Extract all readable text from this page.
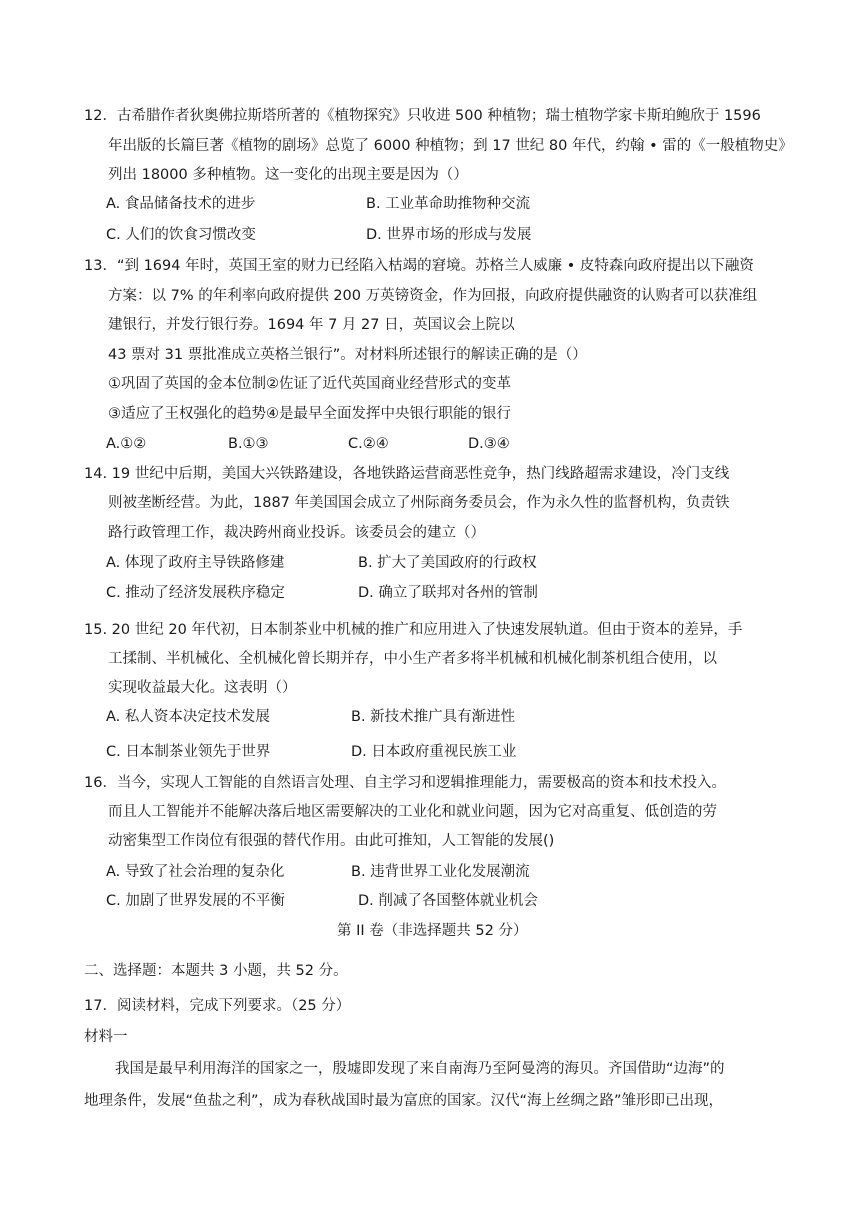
12．古希腊作者狄奥佛拉斯塔所著的《植物探究》只收进 500 种植物；瑞士植物学家卡斯珀鲍欣于 1596
年出版的长篇巨著《植物的剧场》总览了 6000 种植物；到 17 世纪 80 年代，约翰 • 雷的《一般植物史》
列出 18000 多种植物。这一变化的出现主要是因为（）
A. 食品储备技术的进步	B. 工业革命助推物种交流
C. 人们的饮食习惯改变	D. 世界市场的形成与发展
13．“到 1694 年时，英国王室的财力已经陷入枯竭的窘境。苏格兰人威廉 • 皮特森向政府提出以下融资
方案：以 7% 的年利率向政府提供 200 万英镑资金，作为回报，向政府提供融资的认购者可以获准组
建银行，并发行银行券。1694 年 7 月 27 日，英国议会上院以
43 票对 31 票批准成立英格兰银行”。对材料所述银行的解读正确的是（）
①巩固了英国的金本位制②佐证了近代英国商业经营形式的变革
③适应了王权强化的趋势④是最早全面发挥中央银行职能的银行
A.①②	B.①③	C.②④	D.③④
14. 19 世纪中后期，美国大兴铁路建设，各地铁路运营商恶性竞争，热门线路超需求建设，冷门支线
则被垄断经营。为此，1887 年美国国会成立了州际商务委员会，作为永久性的监督机构，负责铁
路行政管理工作，裁决跨州商业投诉。该委员会的建立（）
A. 体现了政府主导铁路修建	B. 扩大了美国政府的行政权
C. 推动了经济发展秩序稳定	D. 确立了联邦对各州的管制
15. 20 世纪 20 年代初，日本制茶业中机械的推广和应用进入了快速发展轨道。但由于资本的差异，手
工揉制、半机械化、全机械化曾长期并存，中小生产者多将半机械和机械化制茶机组合使用，以
实现收益最大化。这表明（）
A. 私人资本决定技术发展	B. 新技术推广具有渐进性
C. 日本制茶业领先于世界	D. 日本政府重视民族工业
16．当今，实现人工智能的自然语言处理、自主学习和逻辑推理能力，需要极高的资本和技术投入。
而且人工智能并不能解决落后地区需要解决的工业化和就业问题，因为它对高重复、低创造的劳
动密集型工作岗位有很强的替代作用。由此可推知，人工智能的发展()
A. 导致了社会治理的复杂化	B. 违背世界工业化发展潮流
C. 加剧了世界发展的不平衡	D. 削减了各国整体就业机会
第 II 卷（非选择题共 52 分）
二、选择题：本题共 3 小题，共 52 分。
17．阅读材料，完成下列要求。（25 分）
材料一
我国是最早利用海洋的国家之一，殷墟即发现了来自南海乃至阿曼湾的海贝。齐国借助“边海”的
地理条件，发展“鱼盐之利”，成为春秋战国时最为富庶的国家。汉代“海上丝绸之路”雏形即已出现，
